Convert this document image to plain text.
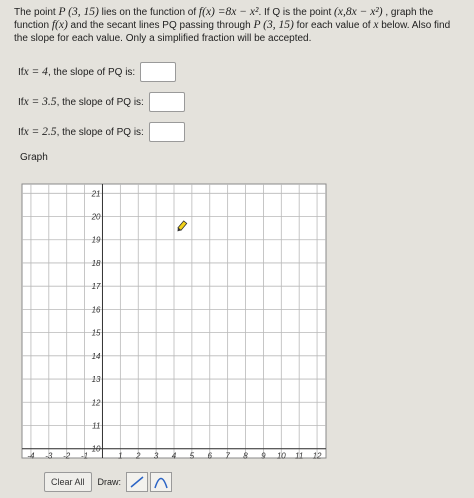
The point P (3, 15) lies on the function of f(x) =8x − x². If Q is the point (x,8x − x²) , graph the function f(x) and the secant lines PQ passing through P (3, 15) for each value of x below. Also find the slope for each value. Only a simplified fraction will be accepted.
If x = 4 , the slope of PQ is:
If x = 3.5 , the slope of PQ is:
If x = 2.5 , the slope of PQ is:
Graph
-4 -3 -2 -1	1 2 3 4 5 6 7 8 9 10 11 12
10
11
12
13
14
15
16
17
18
19
20
21
Clear All	Draw:
